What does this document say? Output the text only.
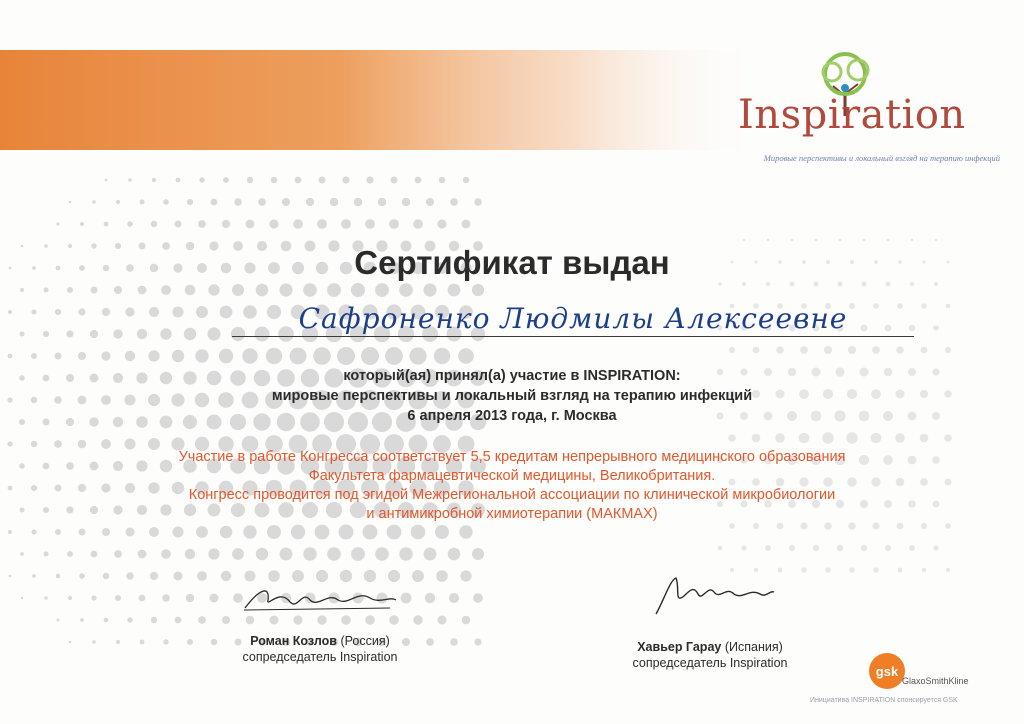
Inspiration
Мировые перспективы и локальный взгляд на терапию инфекций
Сертификат выдан
Сафроненко Людмилы Алексеевне
который(ая) принял(а) участие в INSPIRATION:
мировые перспективы и локальный взгляд на терапию инфекций
6 апреля 2013 года, г. Москва
Участие в работе Конгресса соответствует 5,5 кредитам непрерывного медицинского образования
Факультета фармацевтической медицины, Великобритания.
Конгресс проводится под эгидой Межрегиональной ассоциации по клинической микробиологии
и антимикробной химиотерапии (МАКМАХ)
Роман Козлов (Россия)
сопредседатель Inspiration
Хавьер Гарау (Испания)
сопредседатель Inspiration
gsk
GlaxoSmithKline
Инициатива INSPIRATION спонсируется GSK
